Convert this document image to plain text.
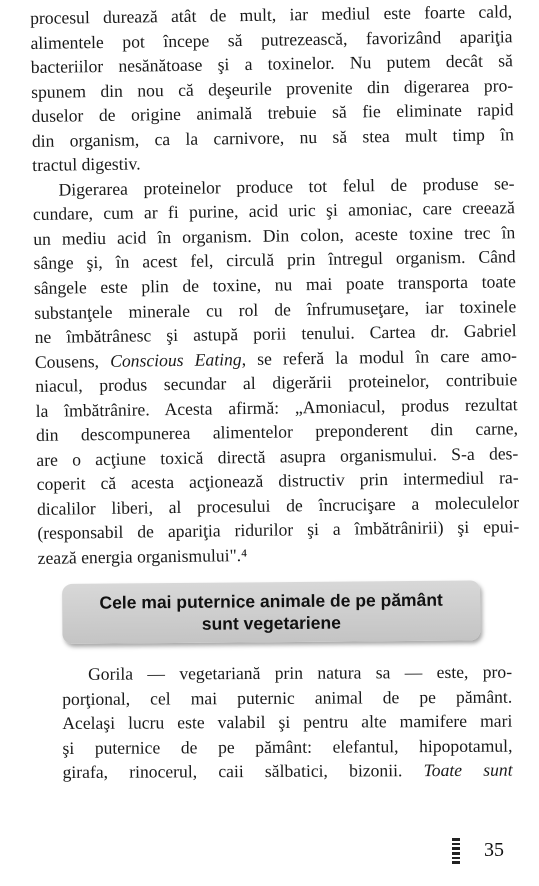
procesul durează atât de mult, iar mediul este foarte cald,
alimentele pot începe să putrezească, favorizând apariţia
bacteriilor nesănătoase şi a toxinelor. Nu putem decât să
spunem din nou că deşeurile provenite din digerarea pro-
duselor de origine animală trebuie să fie eliminate rapid
din organism, ca la carnivore, nu să stea mult timp în
tractul digestiv.
Digerarea proteinelor produce tot felul de produse se-
cundare, cum ar fi purine, acid uric şi amoniac, care creează
un mediu acid în organism. Din colon, aceste toxine trec în
sânge şi, în acest fel, circulă prin întregul organism. Când
sângele este plin de toxine, nu mai poate transporta toate
substanţele minerale cu rol de înfrumuseţare, iar toxinele
ne îmbătrânesc şi astupă porii tenului. Cartea dr. Gabriel
Cousens, Conscious Eating, se referă la modul în care amo-
niacul, produs secundar al digerării proteinelor, contribuie
la îmbătrânire. Acesta afirmă: „Amoniacul, produs rezultat
din descompunerea alimentelor preponderent din carne,
are o acţiune toxică directă asupra organismului. S-a des-
coperit că acesta acţionează distructiv prin intermediul ra-
dicalilor liberi, al procesului de încrucişare a moleculelor
(responsabil de apariţia ridurilor şi a îmbătrânirii) şi epui-
zează energia organismului".⁴
Cele mai puternice animale de pe pământ
sunt vegetariene
Gorila — vegetariană prin natura sa — este, pro-
porţional, cel mai puternic animal de pe pământ.
Acelaşi lucru este valabil şi pentru alte mamifere mari
şi puternice de pe pământ: elefantul, hipopotamul,
girafa, rinocerul, caii sălbatici, bizonii. Toate sunt
35
